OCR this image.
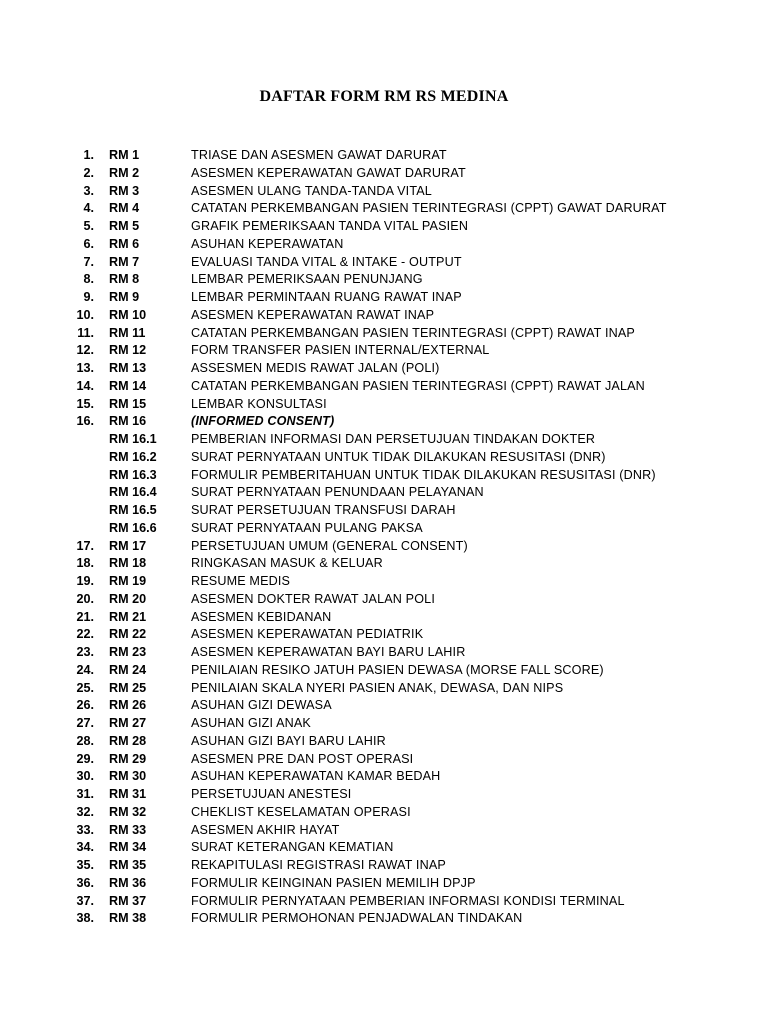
DAFTAR FORM RM RS MEDINA
1. RM 1	TRIASE DAN ASESMEN GAWAT DARURAT
2. RM 2	ASESMEN KEPERAWATAN GAWAT DARURAT
3. RM 3	ASESMEN ULANG TANDA-TANDA VITAL
4. RM 4	CATATAN PERKEMBANGAN PASIEN TERINTEGRASI (CPPT) GAWAT DARURAT
5. RM 5	GRAFIK PEMERIKSAAN TANDA VITAL PASIEN
6. RM 6	ASUHAN KEPERAWATAN
7. RM 7	EVALUASI TANDA VITAL & INTAKE - OUTPUT
8. RM 8	LEMBAR PEMERIKSAAN PENUNJANG
9. RM 9	LEMBAR PERMINTAAN RUANG RAWAT INAP
10. RM 10	ASESMEN KEPERAWATAN RAWAT INAP
11. RM 11	CATATAN PERKEMBANGAN PASIEN TERINTEGRASI (CPPT) RAWAT INAP
12. RM 12	FORM TRANSFER PASIEN INTERNAL/EXTERNAL
13. RM 13	ASSESMEN MEDIS RAWAT JALAN (POLI)
14. RM 14	CATATAN PERKEMBANGAN PASIEN TERINTEGRASI (CPPT) RAWAT JALAN
15. RM 15	LEMBAR KONSULTASI
16. RM 16	(INFORMED CONSENT)
RM 16.1	PEMBERIAN INFORMASI DAN PERSETUJUAN TINDAKAN DOKTER
RM 16.2	SURAT PERNYATAAN UNTUK TIDAK DILAKUKAN RESUSITASI (DNR)
RM 16.3	FORMULIR PEMBERITAHUAN UNTUK TIDAK DILAKUKAN RESUSITASI (DNR)
RM 16.4	SURAT PERNYATAAN PENUNDAAN PELAYANAN
RM 16.5	SURAT PERSETUJUAN TRANSFUSI DARAH
RM 16.6	SURAT PERNYATAAN PULANG PAKSA
17. RM 17	PERSETUJUAN UMUM (GENERAL CONSENT)
18. RM 18	RINGKASAN MASUK & KELUAR
19. RM 19	RESUME MEDIS
20. RM 20	ASESMEN DOKTER RAWAT JALAN POLI
21. RM 21	ASESMEN KEBIDANAN
22. RM 22	ASESMEN KEPERAWATAN PEDIATRIK
23. RM 23	ASESMEN KEPERAWATAN BAYI BARU LAHIR
24. RM 24	PENILAIAN RESIKO JATUH PASIEN DEWASA (MORSE FALL SCORE)
25. RM 25	PENILAIAN SKALA NYERI PASIEN ANAK, DEWASA, DAN NIPS
26. RM 26	ASUHAN GIZI DEWASA
27. RM 27	ASUHAN GIZI ANAK
28. RM 28	ASUHAN GIZI BAYI BARU LAHIR
29. RM 29	ASESMEN PRE DAN POST OPERASI
30. RM 30	ASUHAN KEPERAWATAN KAMAR BEDAH
31. RM 31	PERSETUJUAN ANESTESI
32. RM 32	CHEKLIST KESELAMATAN OPERASI
33. RM 33	ASESMEN AKHIR HAYAT
34. RM 34	SURAT KETERANGAN KEMATIAN
35. RM 35	REKAPITULASI REGISTRASI RAWAT INAP
36. RM 36	FORMULIR KEINGINAN PASIEN MEMILIH DPJP
37. RM 37	FORMULIR PERNYATAAN PEMBERIAN INFORMASI KONDISI TERMINAL
38. RM 38	FORMULIR PERMOHONAN PENJADWALAN TINDAKAN
